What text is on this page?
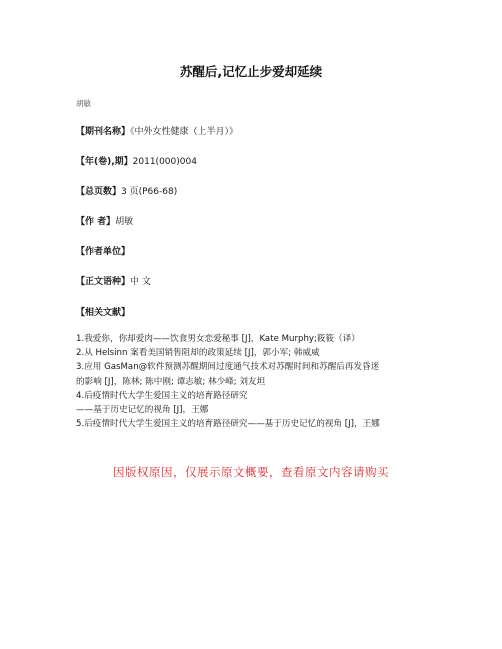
苏醒后,记忆止步爱却延续
胡敏
【期刊名称】《中外女性健康（上半月）》
【年(卷),期】2011(000)004
【总页数】3 页(P66-68)
【作 者】胡敏
【作者单位】
【正文语种】中 文
【相关文献】
1.我爱你，你却爱肉——饮食男女恋爱秘事 [J]，Kate Murphy;筱筱（译）
2.从 Helsinn 案看美国销售阻却的政策延续 [J]，郭小军; 韩威威
3.应用 GasMan@软件预测苏醒期间过度通气技术对苏醒时间和苏醒后再发昏迷
的影响 [J]，陈林; 陈中刚; 谭志敏; 林少峰; 刘友坦
4.后疫情时代大学生爱国主义的培育路径研究
——基于历史记忆的视角 [J]，王娜
5.后疫情时代大学生爱国主义的培育路径研究——基于历史记忆的视角 [J]，王娜
因版权原因，仅展示原文概要，查看原文内容请购买
